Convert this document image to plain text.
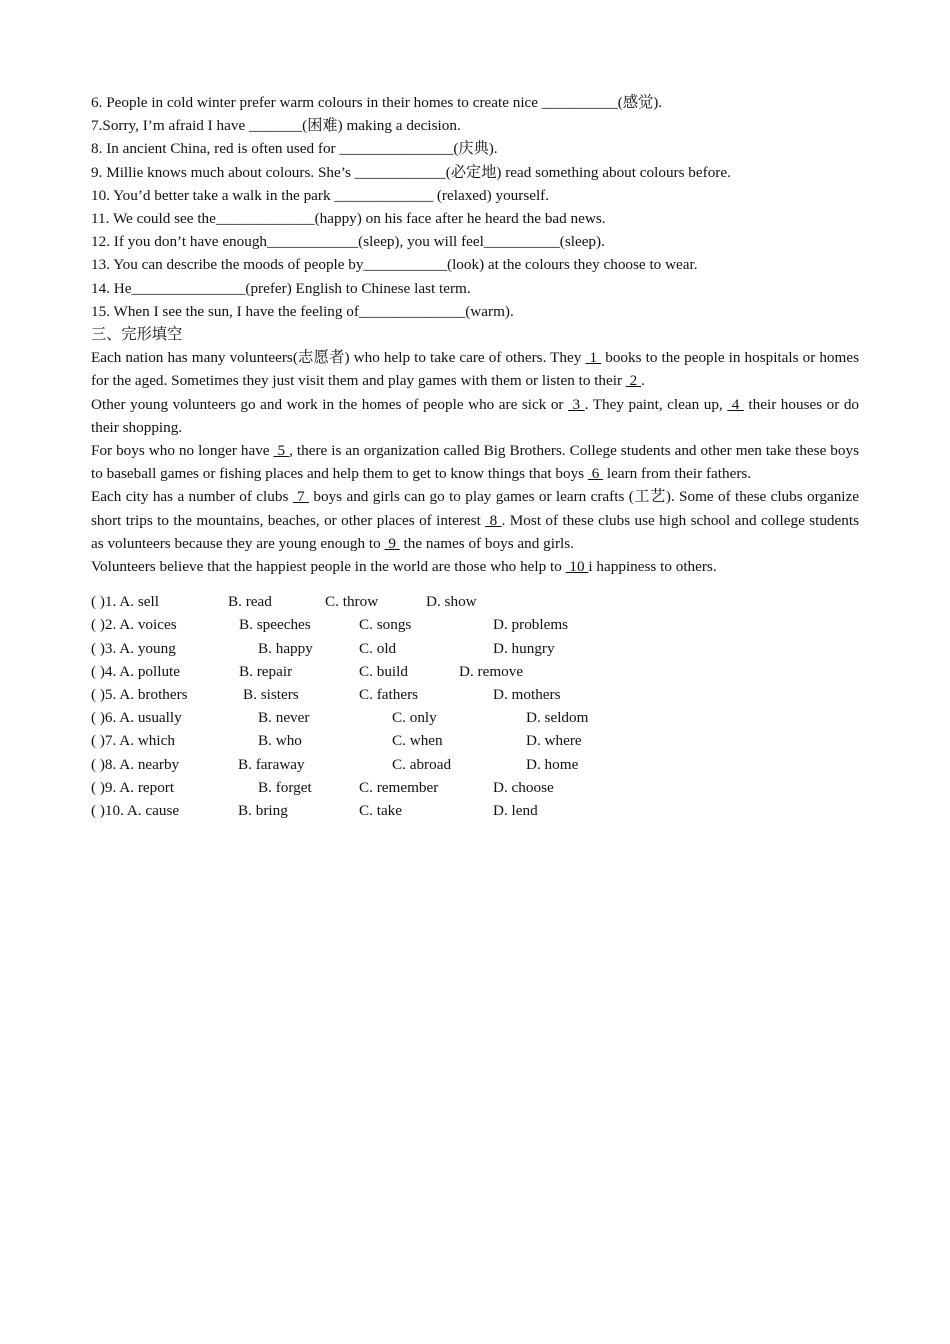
6. People in cold winter prefer warm colours in their homes to create nice __________(感觉).
7.Sorry, I’m afraid I have _______(困难) making a decision.
8. In ancient China, red is often used for _______________(庆典).
9. Millie knows much about colours. She’s ____________(必定地) read something about colours before.
10. You’d better take a walk in the park _____________ (relaxed) yourself.
11. We could see the_____________(happy) on his face after he heard the bad news.
12. If you don’t have enough____________(sleep), you will feel__________(sleep).
13. You can describe the moods of people by___________(look) at the colours they choose to wear.
14. He_______________(prefer) English to Chinese last term.
15. When I see the sun, I have the feeling of______________(warm).
三、完形填空

Each nation has many volunteers(志愿者) who help to take care of others. They  1  books to the people in hospitals or homes for the aged. Sometimes they just visit them and play games with them or listen to their  2 .
Other young volunteers go and work in the homes of people who are sick or  3 . They paint, clean up,  4  their houses or do their shopping.

For boys who no longer have  5 , there is an organization called Big Brothers. College students and other men take these boys to baseball games or fishing places and help them to get to know things that boys  6  learn from their fathers.

Each city has a number of clubs  7  boys and girls can go to play games or learn crafts (工艺). Some of these clubs organize short trips to the mountains, beaches, or other places of interest  8 . Most of these clubs use high school and college students as volunteers because they are young enough to  9  the names of boys and girls.

Volunteers believe that the happiest people in the world are those who help to  10 i happiness to others.

( )1. A. sell	B. read	C. throw	D. show
( )2. A. voices	B. speeches	C. songs	D. problems
( )3. A. young	B. happy	C. old	D. hungry
( )4. A. pollute	B. repair	C. build	D. remove
( )5. A. brothers	B. sisters	C. fathers	D. mothers
( )6. A. usually	B. never	C. only	D. seldom
( )7. A. which	B. who	C. when	D. where
( )8. A. nearby	B. faraway	C. abroad	D. home
( )9. A. report	B. forget	C. remember	D. choose
( )10. A. cause	B. bring	C. take	D. lend
